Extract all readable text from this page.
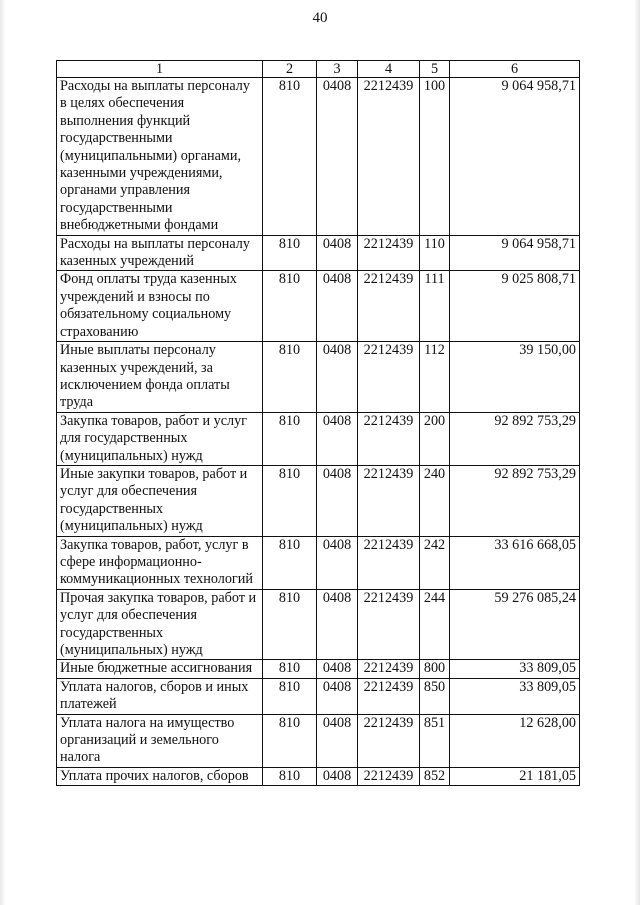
40
1	2	3	4	5	6
Расходы на выплаты персоналу в целях обеспечения выполнения функций государственными (муниципальными) органами, казенными учреждениями, органами управления государственными внебюджетными фондами	810	0408	2212439	100	9 064 958,71
Расходы на выплаты персоналу казенных учреждений	810	0408	2212439	110	9 064 958,71
Фонд оплаты труда казенных учреждений и взносы по обязательному социальному страхованию	810	0408	2212439	111	9 025 808,71
Иные выплаты персоналу казенных учреждений, за исключением фонда оплаты труда	810	0408	2212439	112	39 150,00
Закупка товаров, работ и услуг для государственных (муниципальных) нужд	810	0408	2212439	200	92 892 753,29
Иные закупки товаров, работ и услуг для обеспечения государственных (муниципальных) нужд	810	0408	2212439	240	92 892 753,29
Закупка товаров, работ, услуг в сфере информационно-коммуникационных технологий	810	0408	2212439	242	33 616 668,05
Прочая закупка товаров, работ и услуг для обеспечения государственных (муниципальных) нужд	810	0408	2212439	244	59 276 085,24
Иные бюджетные ассигнования	810	0408	2212439	800	33 809,05
Уплата налогов, сборов и иных платежей	810	0408	2212439	850	33 809,05
Уплата налога на имущество организаций и земельного налога	810	0408	2212439	851	12 628,00
Уплата прочих налогов, сборов	810	0408	2212439	852	21 181,05
